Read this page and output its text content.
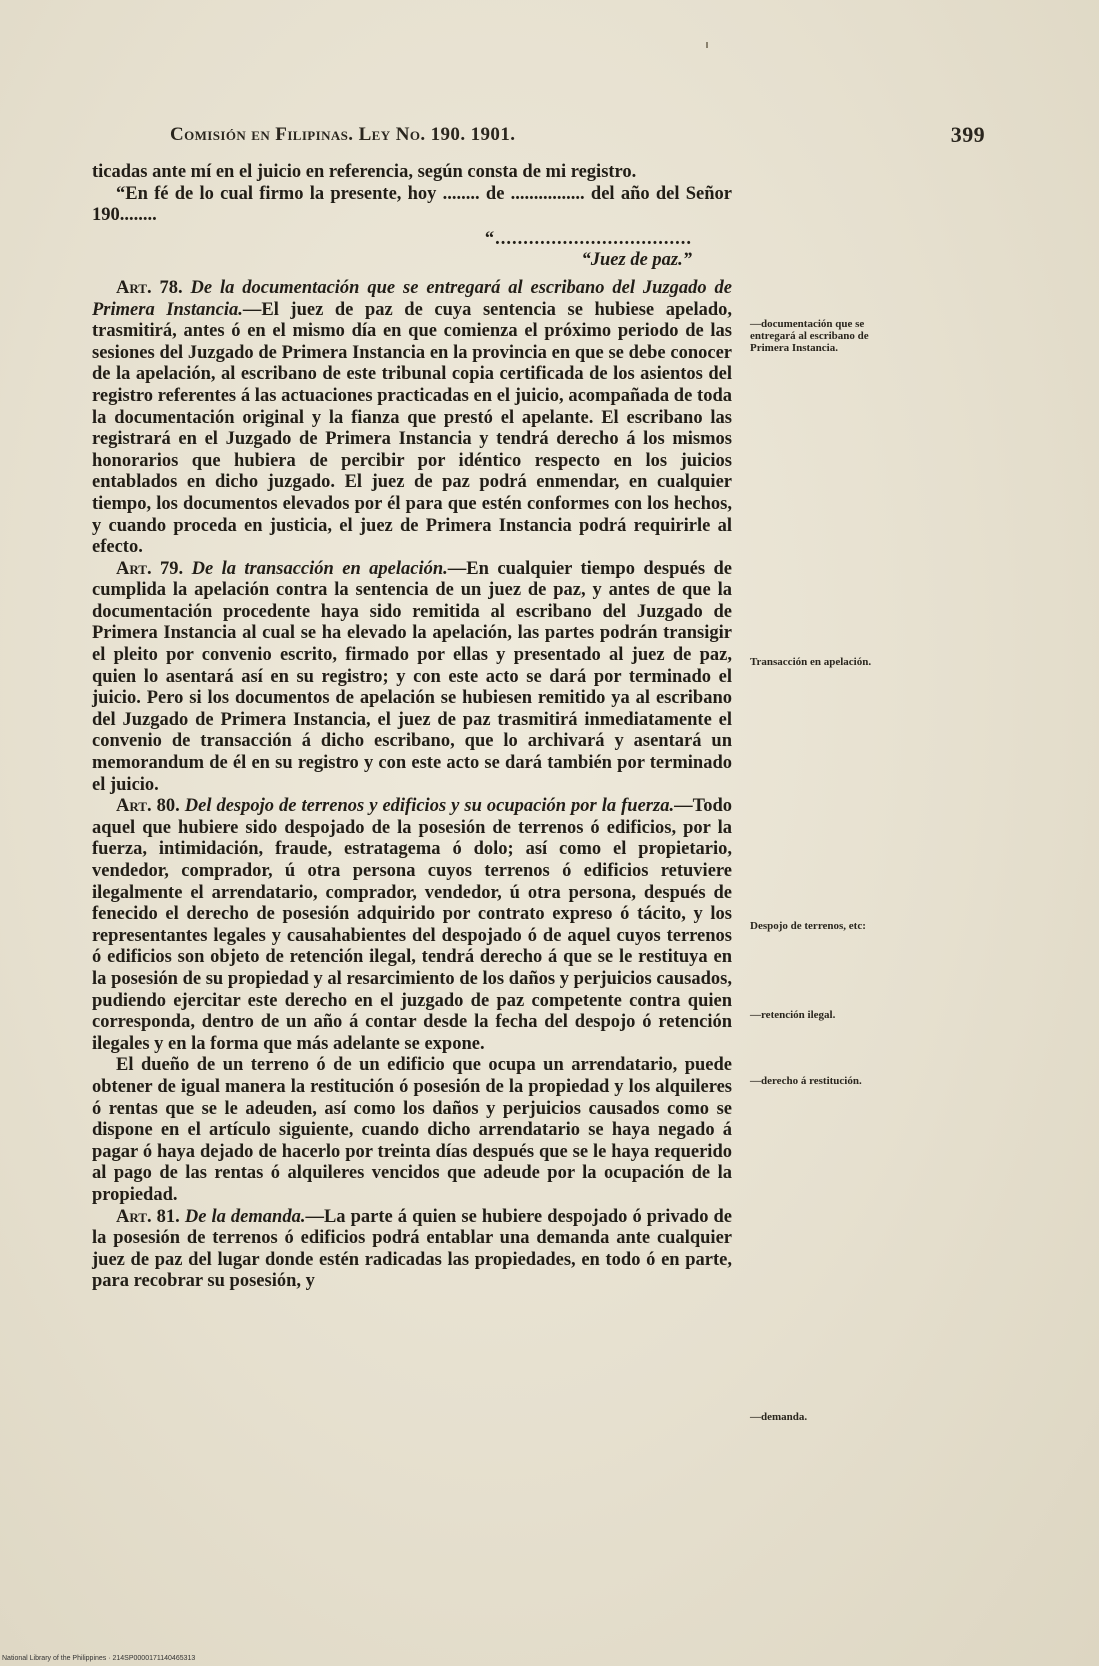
Comisión en Filipinas. Ley No. 190. 1901.	399

ticadas ante mí en el juicio en referencia, según consta de mi registro.

“En fé de lo cual firmo la presente, hoy ........ de ................ del año del Señor 190........

“...................................
“Juez de paz.”

Art. 78. De la documentación que se entregará al escribano del Juzgado de Primera Instancia.—El juez de paz de cuya sentencia se hubiese apelado, trasmitirá, antes ó en el mismo día en que comienza el próximo periodo de las sesiones del Juzgado de Primera Instancia en la provincia en que se debe conocer de la apelación, al escribano de este tribunal copia certificada de los asientos del registro referentes á las actuaciones practicadas en el juicio, acompañada de toda la documentación original y la fianza que prestó el apelante. El escribano las registrará en el Juzgado de Primera Instancia y tendrá derecho á los mismos honorarios que hubiera de percibir por idéntico respecto en los juicios entablados en dicho juzgado. El juez de paz podrá enmendar, en cualquier tiempo, los documentos elevados por él para que estén conformes con los hechos, y cuando proceda en justicia, el juez de Primera Instancia podrá requirirle al efecto.

Art. 79. De la transacción en apelación.—En cualquier tiempo después de cumplida la apelación contra la sentencia de un juez de paz, y antes de que la documentación procedente haya sido remitida al escribano del Juzgado de Primera Instancia al cual se ha elevado la apelación, las partes podrán transigir el pleito por convenio escrito, firmado por ellas y presentado al juez de paz, quien lo asentará así en su registro; y con este acto se dará por terminado el juicio. Pero si los documentos de apelación se hubiesen remitido ya al escribano del Juzgado de Primera Instancia, el juez de paz trasmitirá inmediatamente el convenio de transacción á dicho escribano, que lo archivará y asentará un memorandum de él en su registro y con este acto se dará también por terminado el juicio.

Art. 80. Del despojo de terrenos y edificios y su ocupación por la fuerza.—Todo aquel que hubiere sido despojado de la posesión de terrenos ó edificios, por la fuerza, intimidación, fraude, estratagema ó dolo; así como el propietario, vendedor, comprador, ú otra persona cuyos terrenos ó edificios retuviere ilegalmente el arrendatario, comprador, vendedor, ú otra persona, después de fenecido el derecho de posesión adquirido por contrato expreso ó tácito, y los representantes legales y causahabientes del despojado ó de aquel cuyos terrenos ó edificios son objeto de retención ilegal, tendrá derecho á que se le restituya en la posesión de su propiedad y al resarcimiento de los daños y perjuicios causados, pudiendo ejercitar este derecho en el juzgado de paz competente contra quien corresponda, dentro de un año á contar desde la fecha del despojo ó retención ilegales y en la forma que más adelante se expone.

El dueño de un terreno ó de un edificio que ocupa un arrendatario, puede obtener de igual manera la restitución ó posesión de la propiedad y los alquileres ó rentas que se le adeuden, así como los daños y perjuicios causados como se dispone en el artículo siguiente, cuando dicho arrendatario se haya negado á pagar ó haya dejado de hacerlo por treinta días después que se le haya requerido al pago de las rentas ó alquileres vencidos que adeude por la ocupación de la propiedad.

Art. 81. De la demanda.—La parte á quien se hubiere despojado ó privado de la posesión de terrenos ó edificios podrá entablar una demanda ante cualquier juez de paz del lugar donde estén radicadas las propiedades, en todo ó en parte, para recobrar su posesión, y

—documentación que se entregará al escribano de Primera Instancia.
Transacción en apelación.
Despojo de terrenos, etc:
—retención ilegal.
—derecho á restitución.
—demanda.
National Library of the Philippines · 214SP0000171140465313
